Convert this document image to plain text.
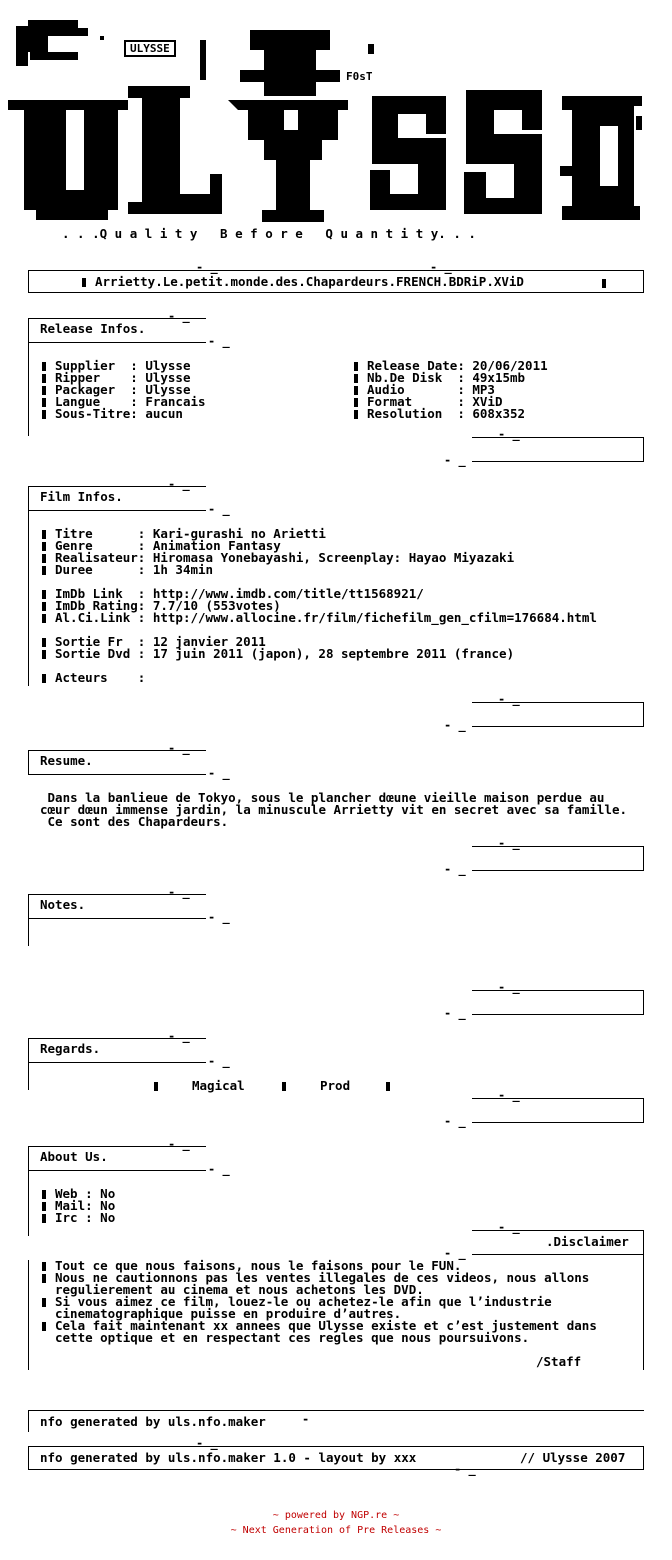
ULYSSE
F0sT
. . .Q u a l i t y   B e f o r e   Q u a n t i t y. . .
- _	- _
Arrietty.Le.petit.monde.des.Chapardeurs.FRENCH.BDRiP.XViD
- _
Release Infos.
- _
Supplier : Ulysse
Ripper : Ulysse
Packager : Ulysse
Langue : Francais
Sous-Titre : aucun
Release Date : 20/06/2011
Nb.De Disk : 49x15mb
Audio : MP3
Format : XViD
Resolution : 608x352
- _
- _
- _
Film Infos.
- _
Titre : Kari-gurashi no Arietti
Genre : Animation Fantasy
Realisateur : Hiromasa Yonebayashi, Screenplay: Hayao Miyazaki
Duree : 1h 34min
ImDb Link : http://www.imdb.com/title/tt1568921/
ImDb Rating : 7.7/10 (553votes)
Al.Ci.Link : http://www.allocine.fr/film/fichefilm_gen_cfilm=176684.html
Sortie Fr : 12 janvier 2011
Sortie Dvd : 17 juin 2011 (japon), 28 septembre 2011 (france)
Acteurs :
- _
- _
- _
Resume.
- _
Dans la banlieue de Tokyo, sous le plancher dœune vieille maison perdue au
cœur dœun immense jardin, la minuscule Arrietty vit en secret avec sa famille.
Ce sont des Chapardeurs.
- _
- _
- _
Notes.
- _
- _
- _
- _
Regards.
- _
Magical	Prod
- _
- _
- _
About Us.
- _
Web : No
Mail : No
Irc : No
- _
.Disclaimer
- _
Tout ce que nous faisons, nous le faisons pour le FUN.
Nous ne cautionnons pas les ventes illegales de ces videos, nous allons
regulierement au cinema et nous achetons les DVD.
Si vous aimez ce film, louez-le ou achetez-le afin que l’industrie
cinematographique puisse en produire d’autres.
Cela fait maintenant xx annees que Ulysse existe et c’est justement dans
cette optique et en respectant ces regles que nous poursuivons.
/Staff
nfo generated by uls.nfo.maker	-
- _
nfo generated by uls.nfo.maker 1.0 - layout by xxx	// Ulysse 2007
- _
~ powered by NGP.re ~
~ Next Generation of Pre Releases ~
